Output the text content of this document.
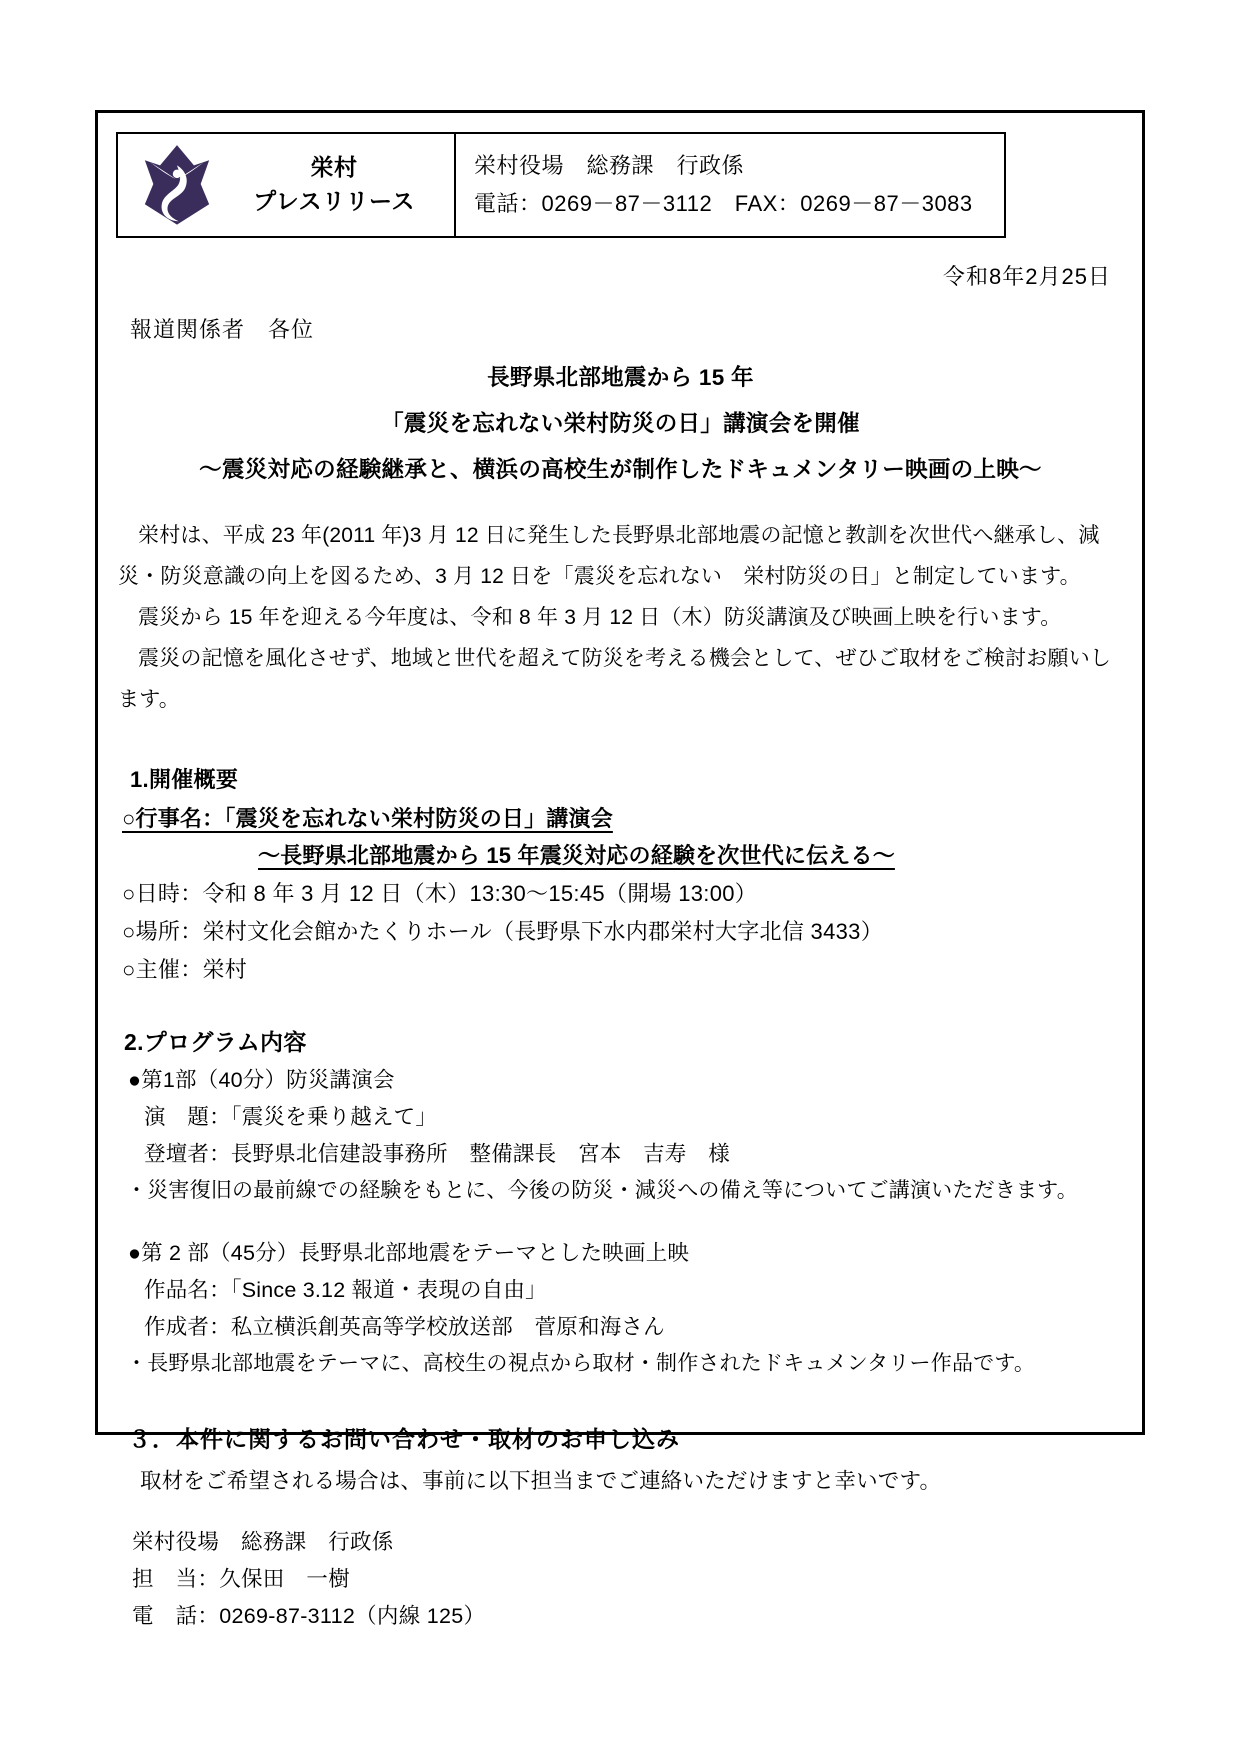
栄村
プレスリリース
栄村役場　総務課　行政係
電話：0269－87－3112　FAX：0269－87－3083
令和8年2月25日
報道関係者　各位
長野県北部地震から 15 年
「震災を忘れない栄村防災の日」講演会を開催
～震災対応の経験継承と、横浜の高校生が制作したドキュメンタリー映画の上映～
栄村は、平成 23 年(2011 年)3 月 12 日に発生した長野県北部地震の記憶と教訓を次世代へ継承し、減災・防災意識の向上を図るため、3 月 12 日を「震災を忘れない　栄村防災の日」と制定しています。
震災から 15 年を迎える今年度は、令和 8 年 3 月 12 日（木）防災講演及び映画上映を行います。
震災の記憶を風化させず、地域と世代を超えて防災を考える機会として、ぜひご取材をご検討お願いします。
1.開催概要
○行事名：「震災を忘れない栄村防災の日」講演会
～長野県北部地震から 15 年震災対応の経験を次世代に伝える～
○日時：令和 8 年 3 月 12 日（木）13:30～15:45（開場 13:00）
○場所：栄村文化会館かたくりホール（長野県下水内郡栄村大字北信 3433）
○主催：栄村
2.プログラム内容
●第1部（40分）防災講演会
演　題：「震災を乗り越えて」
登壇者：長野県北信建設事務所　整備課長　宮本　吉寿　様
・災害復旧の最前線での経験をもとに、今後の防災・減災への備え等についてご講演いただきます。
●第 2 部（45分）長野県北部地震をテーマとした映画上映
作品名：「Since 3.12 報道・表現の自由」
作成者：私立横浜創英高等学校放送部　菅原和海さん
・長野県北部地震をテーマに、高校生の視点から取材・制作されたドキュメンタリー作品です。
３．本件に関するお問い合わせ・取材のお申し込み
取材をご希望される場合は、事前に以下担当までご連絡いただけますと幸いです。
栄村役場　総務課　行政係
担　当：久保田　一樹
電　話：0269-87-3112（内線 125）
